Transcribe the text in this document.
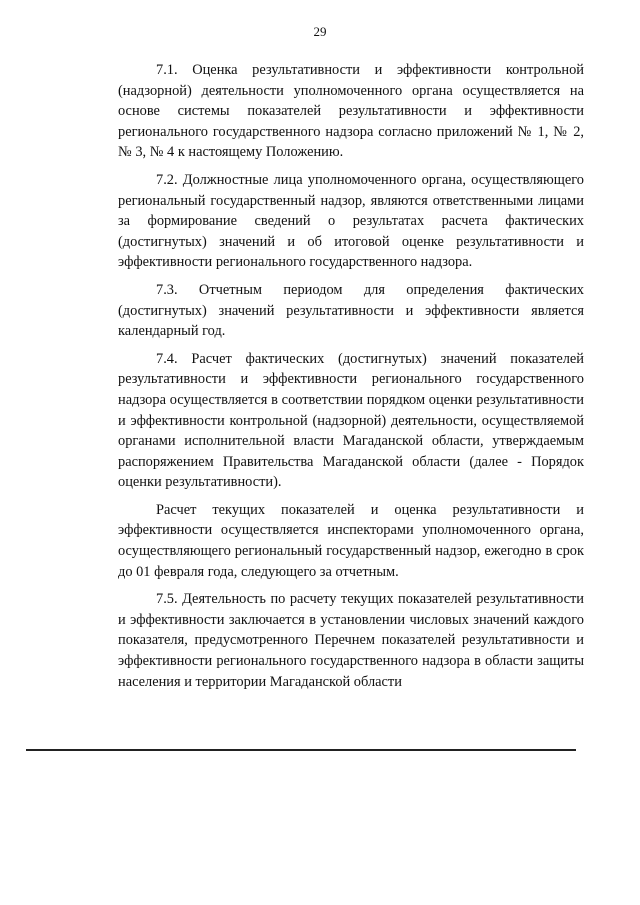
29

7.1. Оценка результативности и эффективности контрольной (надзорной) деятельности уполномоченного органа осуществляется на основе системы показателей результативности и эффективности регионального государственного надзора согласно приложений № 1, № 2, № 3, № 4 к настоящему Положению.

7.2. Должностные лица уполномоченного органа, осуществляющего региональный государственный надзор, являются ответственными лицами за формирование сведений о результатах расчета фактических (достигнутых) значений и об итоговой оценке результативности и эффективности регионального государственного надзора.

7.3. Отчетным периодом для определения фактических (достигнутых) значений результативности и эффективности является календарный год.

7.4. Расчет фактических (достигнутых) значений показателей результативности и эффективности регионального государственного надзора осуществляется в соответствии порядком оценки результативности и эффективности контрольной (надзорной) деятельности, осуществляемой органами исполнительной власти Магаданской области, утверждаемым распоряжением Правительства Магаданской области (далее - Порядок оценки результативности).

Расчет текущих показателей и оценка результативности и эффективности осуществляется инспекторами уполномоченного органа, осуществляющего региональный государственный надзор, ежегодно в срок до 01 февраля года, следующего за отчетным.

7.5. Деятельность по расчету текущих показателей результативности и эффективности заключается в установлении числовых значений каждого показателя, предусмотренного Перечнем показателей результативности и эффективности регионального государственного надзора в области защиты населения и территории Магаданской области
